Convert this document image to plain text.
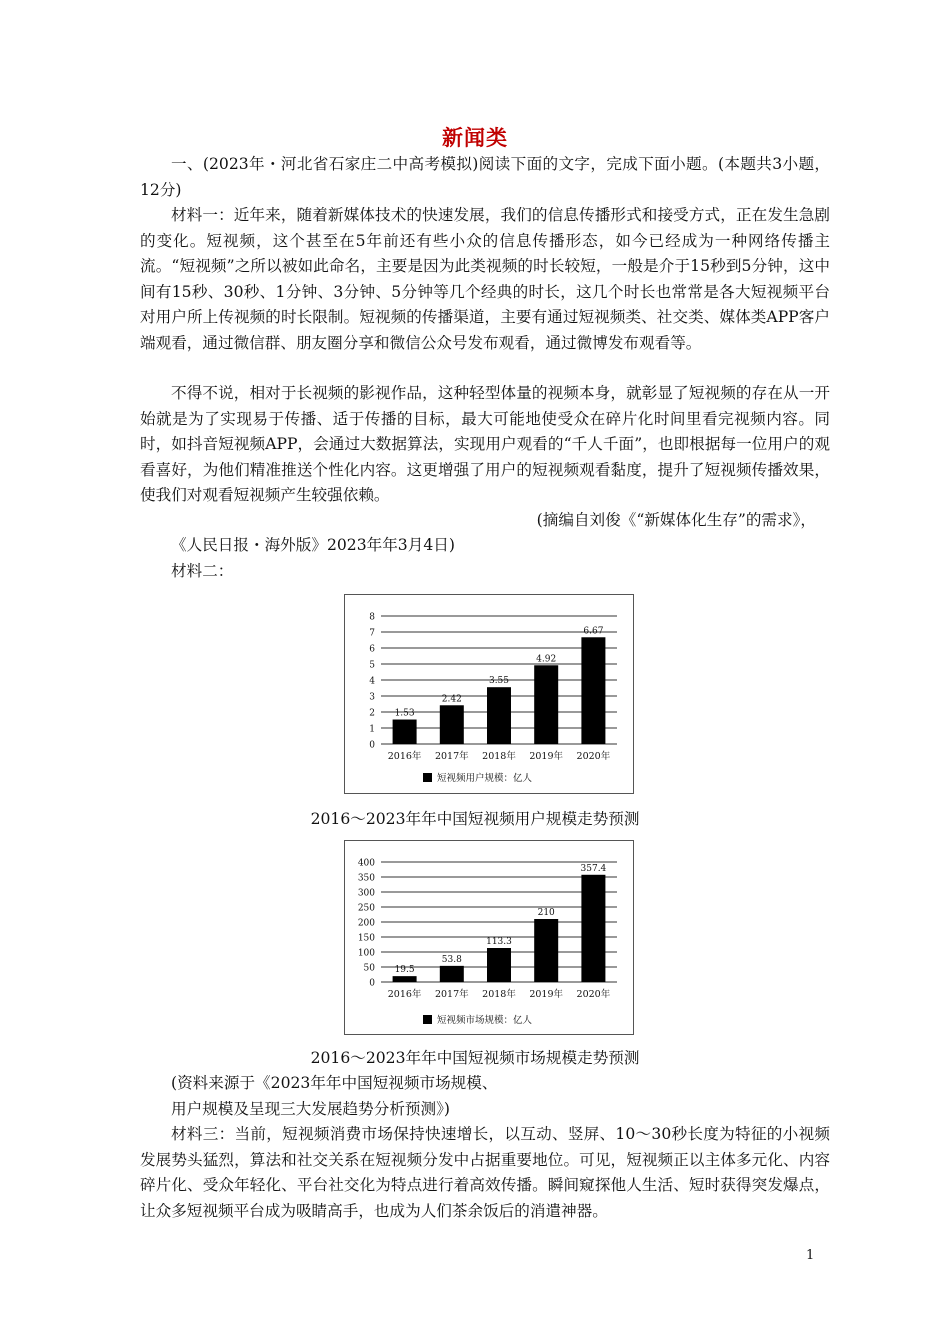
新闻类
一、(2023年・河北省石家庄二中高考模拟)阅读下面的文字，完成下面小题。(本题共3小题，12分)
材料一：近年来，随着新媒体技术的快速发展，我们的信息传播形式和接受方式，正在发生急剧的变化。短视频，这个甚至在5年前还有些小众的信息传播形态，如今已经成为一种网络传播主流。“短视频”之所以被如此命名，主要是因为此类视频的时长较短，一般是介于15秒到5分钟，这中间有15秒、30秒、1分钟、3分钟、5分钟等几个经典的时长，这几个时长也常常是各大短视频平台对用户所上传视频的时长限制。短视频的传播渠道，主要有通过短视频类、社交类、媒体类APP客户端观看，通过微信群、朋友圈分享和微信公众号发布观看，通过微博发布观看等。
不得不说，相对于长视频的影视作品，这种轻型体量的视频本身，就彰显了短视频的存在从一开始就是为了实现易于传播、适于传播的目标，最大可能地使受众在碎片化时间里看完视频内容。同时，如抖音短视频APP，会通过大数据算法，实现用户观看的“千人千面”，也即根据每一位用户的观看喜好，为他们精准推送个性化内容。这更增强了用户的短视频观看黏度，提升了短视频传播效果，使我们对观看短视频产生较强依赖。
(摘编自刘俊《“新媒体化生存”的需求》，
《人民日报・海外版》2023年年3月4日)
材料二：
0
1
2
3
4
5
6
7
8
1.53
2016年
2.42
2017年
3.55
2018年
4.92
2019年
6.67
2020年
短视频用户规模：亿人
2016～2023年年中国短视频用户规模走势预测
0
50
100
150
200
250
300
350
400
19.5
2016年
53.8
2017年
113.3
2018年
210
2019年
357.4
2020年
短视频市场规模：亿人
2016～2023年年中国短视频市场规模走势预测
(资料来源于《2023年年中国短视频市场规模、
用户规模及呈现三大发展趋势分析预测》)
材料三：当前，短视频消费市场保持快速增长，以互动、竖屏、10～30秒长度为特征的小视频发展势头猛烈，算法和社交关系在短视频分发中占据重要地位。可见，短视频正以主体多元化、内容碎片化、受众年轻化、平台社交化为特点进行着高效传播。瞬间窥探他人生活、短时获得突发爆点，让众多短视频平台成为吸睛高手，也成为人们茶余饭后的消遣神器。
1
